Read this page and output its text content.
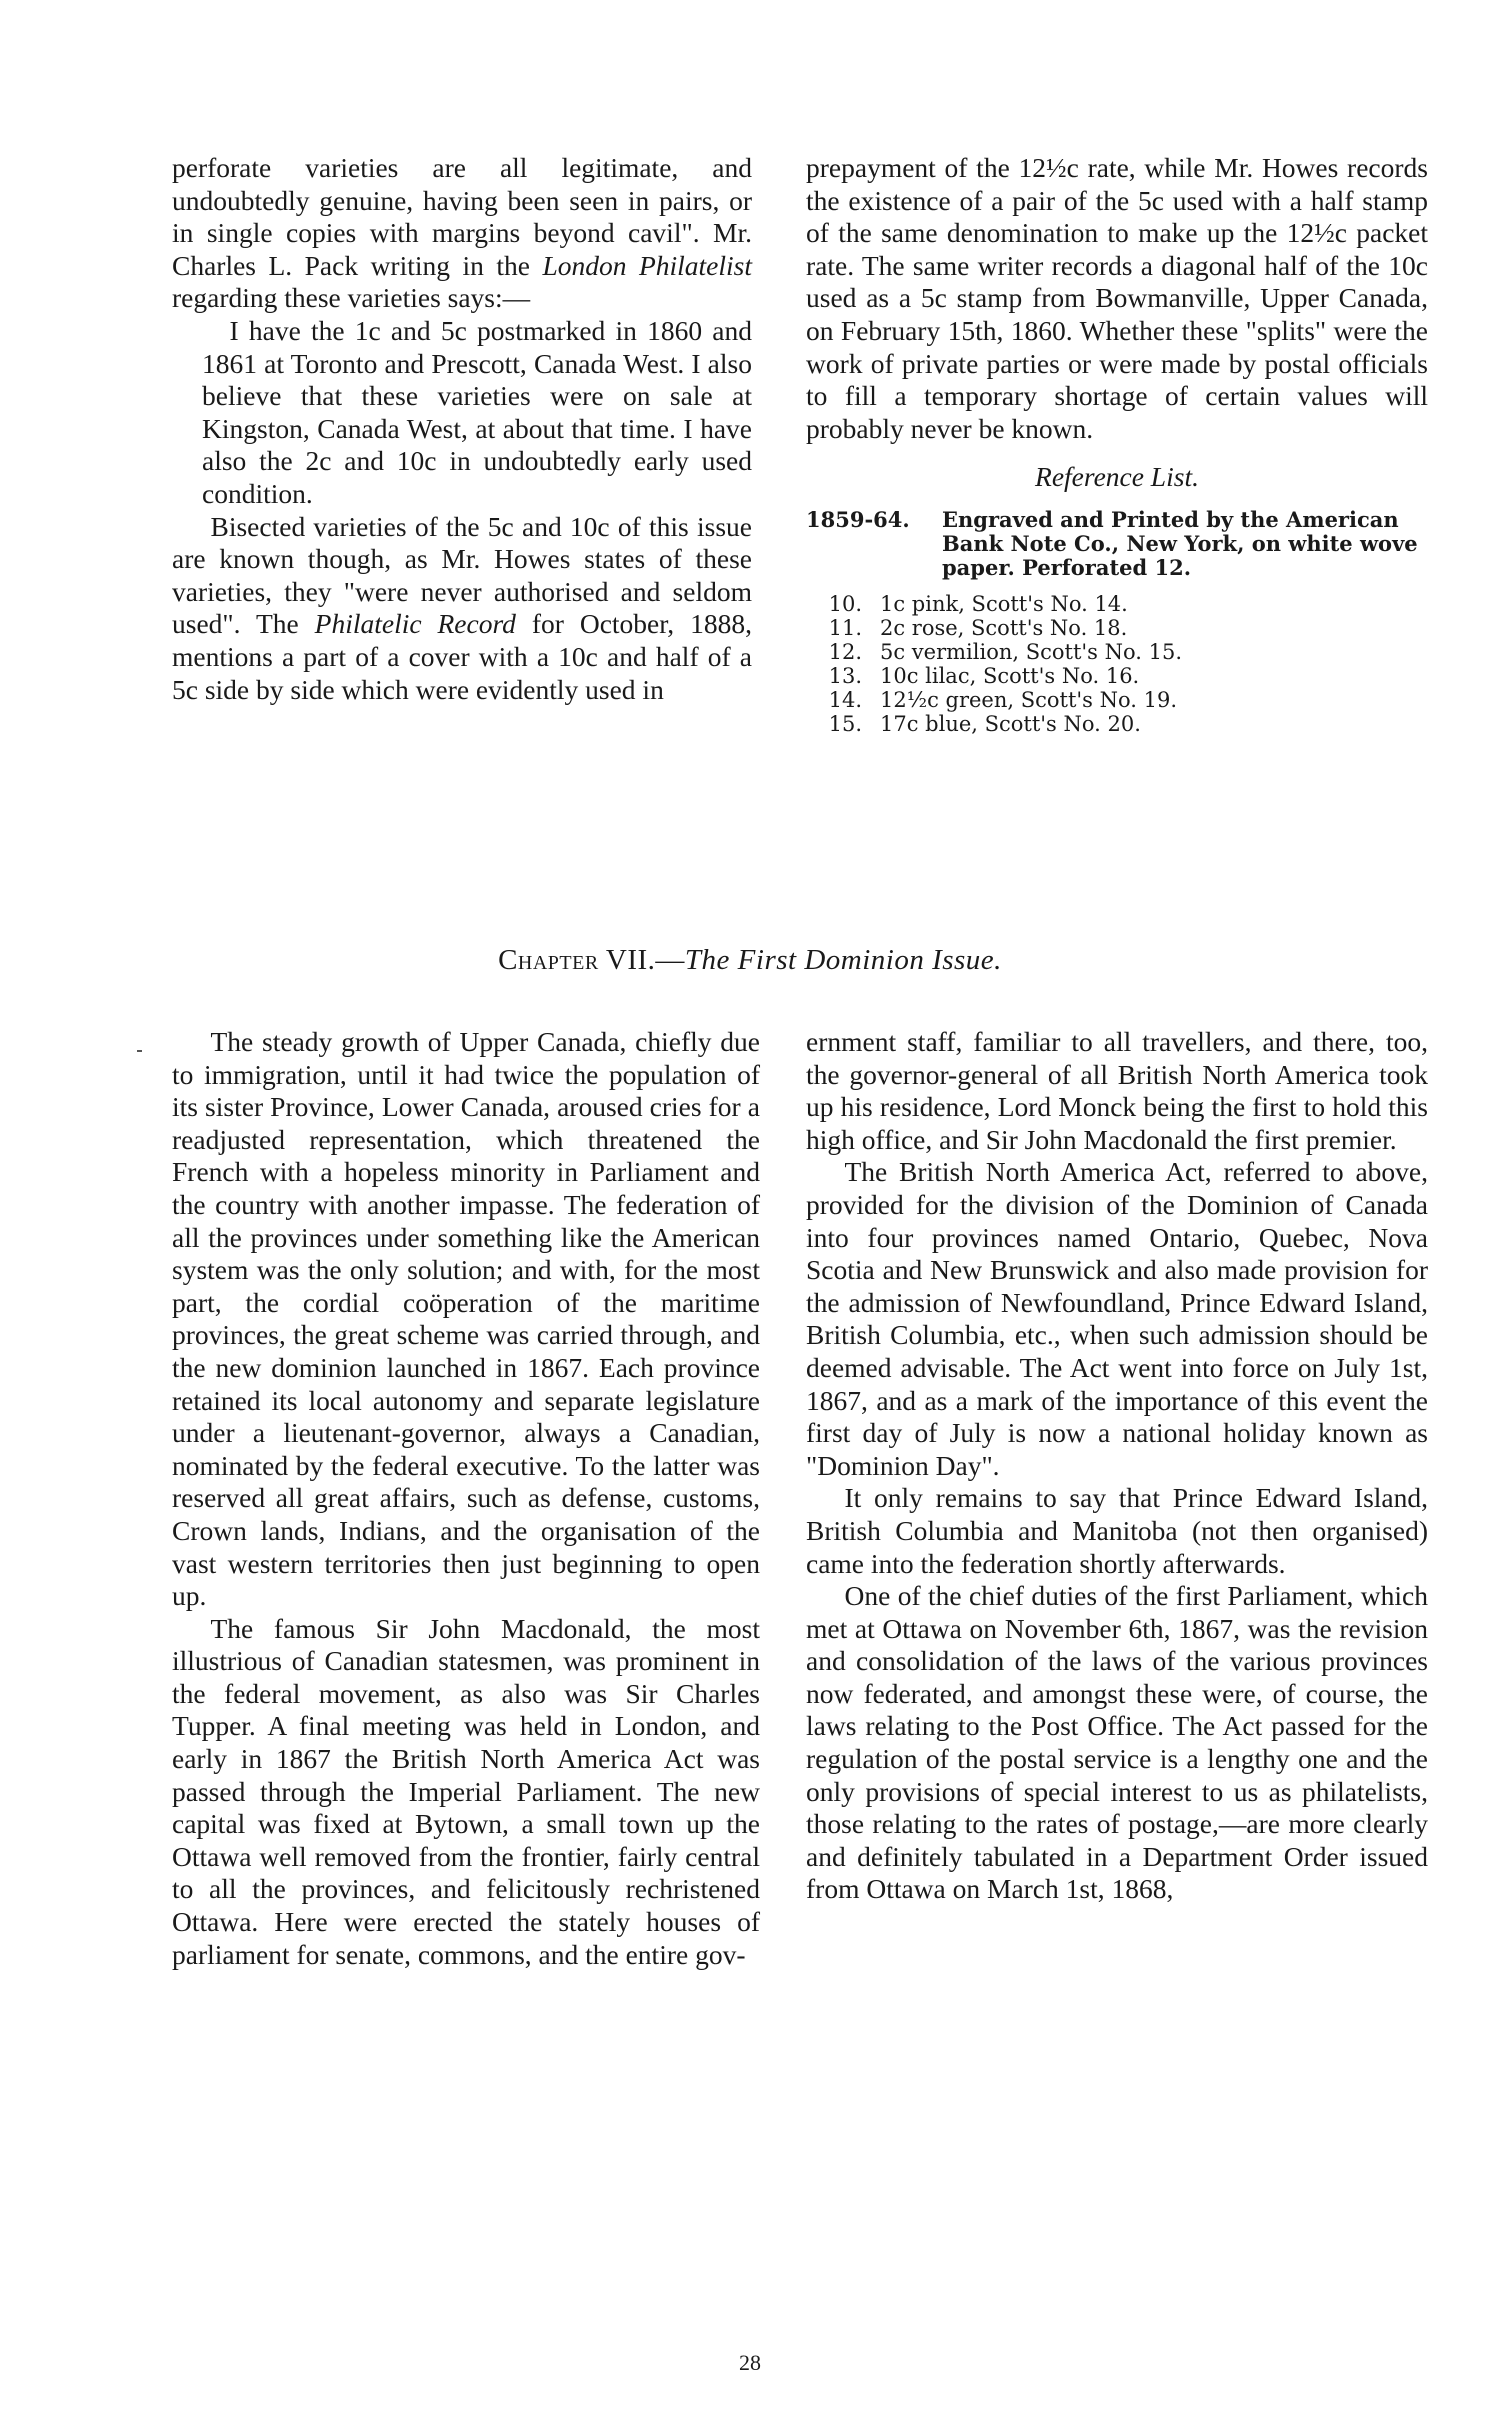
perforate varieties are all legitimate, and undoubtedly genuine, having been seen in pairs, or in single copies with margins beyond cavil". Mr. Charles L. Pack writing in the London Philatelist regarding these varieties says:—

I have the 1c and 5c postmarked in 1860 and 1861 at Toronto and Prescott, Canada West. I also believe that these varieties were on sale at Kingston, Canada West, at about that time. I have also the 2c and 10c in undoubtedly early used condition.

Bisected varieties of the 5c and 10c of this issue are known though, as Mr. Howes states of these varieties, they "were never authorised and seldom used". The Philatelic Record for October, 1888, mentions a part of a cover with a 10c and half of a 5c side by side which were evidently used in

prepayment of the 12½c rate, while Mr. Howes records the existence of a pair of the 5c used with a half stamp of the same denomination to make up the 12½c packet rate. The same writer records a diagonal half of the 10c used as a 5c stamp from Bowmanville, Upper Canada, on February 15th, 1860. Whether these "splits" were the work of private parties or were made by postal officials to fill a temporary shortage of certain values will probably never be known.

Reference List.
1859-64.	Engraved and Printed by the American Bank Note Co., New York, on white wove paper. Perforated 12.
10. 1c pink, Scott's No. 14.
11. 2c rose, Scott's No. 18.
12. 5c vermilion, Scott's No. 15.
13. 10c lilac, Scott's No. 16.
14. 12½c green, Scott's No. 19.
15. 17c blue, Scott's No. 20.
Chapter VII.—The First Dominion Issue.

The steady growth of Upper Canada, chiefly due to immigration, until it had twice the population of its sister Province, Lower Canada, aroused cries for a readjusted representation, which threatened the French with a hopeless minority in Parliament and the country with another impasse. The federation of all the provinces under something like the American system was the only solution; and with, for the most part, the cordial coöperation of the maritime provinces, the great scheme was carried through, and the new dominion launched in 1867. Each province retained its local autonomy and separate legislature under a lieutenant-governor, always a Canadian, nominated by the federal executive. To the latter was reserved all great affairs, such as defense, customs, Crown lands, Indians, and the organisation of the vast western territories then just beginning to open up.

The famous Sir John Macdonald, the most illustrious of Canadian statesmen, was prominent in the federal movement, as also was Sir Charles Tupper. A final meeting was held in London, and early in 1867 the British North America Act was passed through the Imperial Parliament. The new capital was fixed at Bytown, a small town up the Ottawa well removed from the frontier, fairly central to all the provinces, and felicitously rechristened Ottawa. Here were erected the stately houses of parliament for senate, commons, and the entire gov-

ernment staff, familiar to all travellers, and there, too, the governor-general of all British North America took up his residence, Lord Monck being the first to hold this high office, and Sir John Macdonald the first premier.

The British North America Act, referred to above, provided for the division of the Dominion of Canada into four provinces named Ontario, Quebec, Nova Scotia and New Brunswick and also made provision for the admission of Newfoundland, Prince Edward Island, British Columbia, etc., when such admission should be deemed advisable. The Act went into force on July 1st, 1867, and as a mark of the importance of this event the first day of July is now a national holiday known as "Dominion Day".

It only remains to say that Prince Edward Island, British Columbia and Manitoba (not then organised) came into the federation shortly afterwards.

One of the chief duties of the first Parliament, which met at Ottawa on November 6th, 1867, was the revision and consolidation of the laws of the various provinces now federated, and amongst these were, of course, the laws relating to the Post Office. The Act passed for the regulation of the postal service is a lengthy one and the only provisions of special interest to us as philatelists, those relating to the rates of postage,—are more clearly and definitely tabulated in a Department Order issued from Ottawa on March 1st, 1868,

28
